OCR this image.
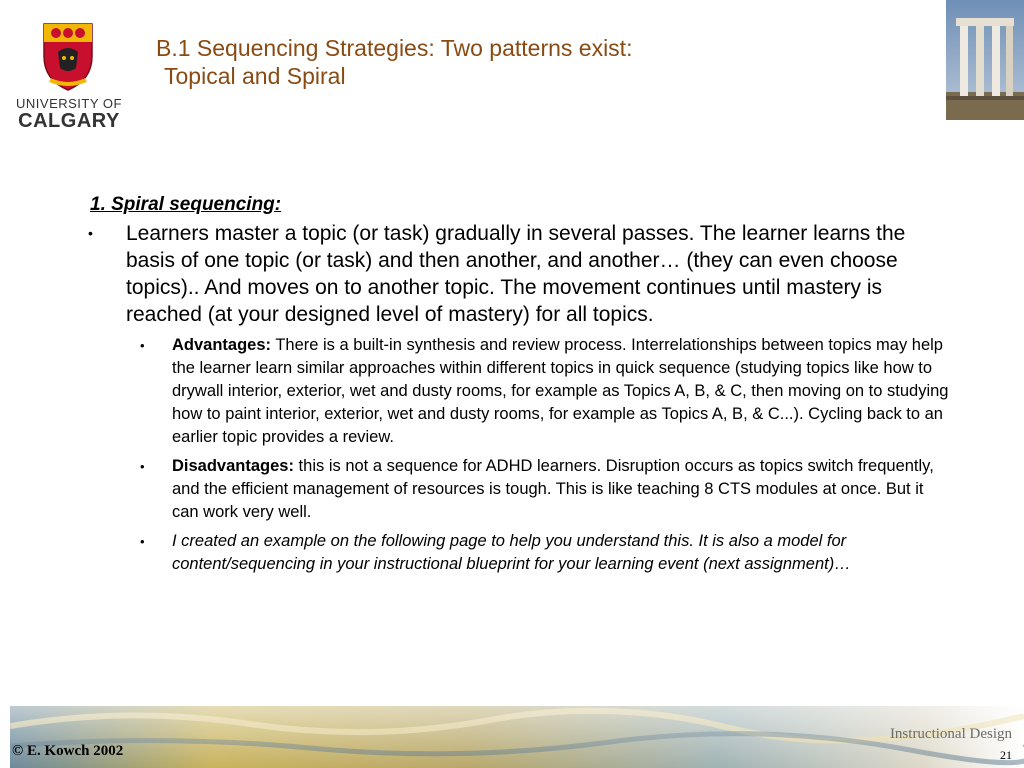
UNIVERSITY OF
CALGARY
B.1 Sequencing Strategies: Two patterns exist:

Topical and Spiral
1. Spiral sequencing:
• Learners master a topic (or task) gradually in several passes. The learner learns the basis of one topic (or task) and then another, and another… (they can even choose topics).. And moves on to another topic. The movement continues until mastery is reached (at your designed level of mastery) for all topics.
• Advantages: There is a built-in synthesis and review process. Interrelationships between topics may help the learner learn similar approaches within different topics in quick sequence (studying topics like how to drywall interior, exterior, wet and dusty rooms, for example as Topics A, B, & C, then moving on to studying how to paint interior, exterior, wet and dusty rooms, for example as Topics A, B, & C...). Cycling back to an earlier topic provides a review.
• Disadvantages: this is not a sequence for ADHD learners. Disruption occurs as topics switch frequently, and the efficient management of resources is tough. This is like teaching 8 CTS modules at once. But it can work very well.
• I created an example on the following page to help you understand this. It is also a model for content/sequencing in your instructional blueprint for your learning event (next assignment)…
© E. Kowch 2002
Instructional Design
21
